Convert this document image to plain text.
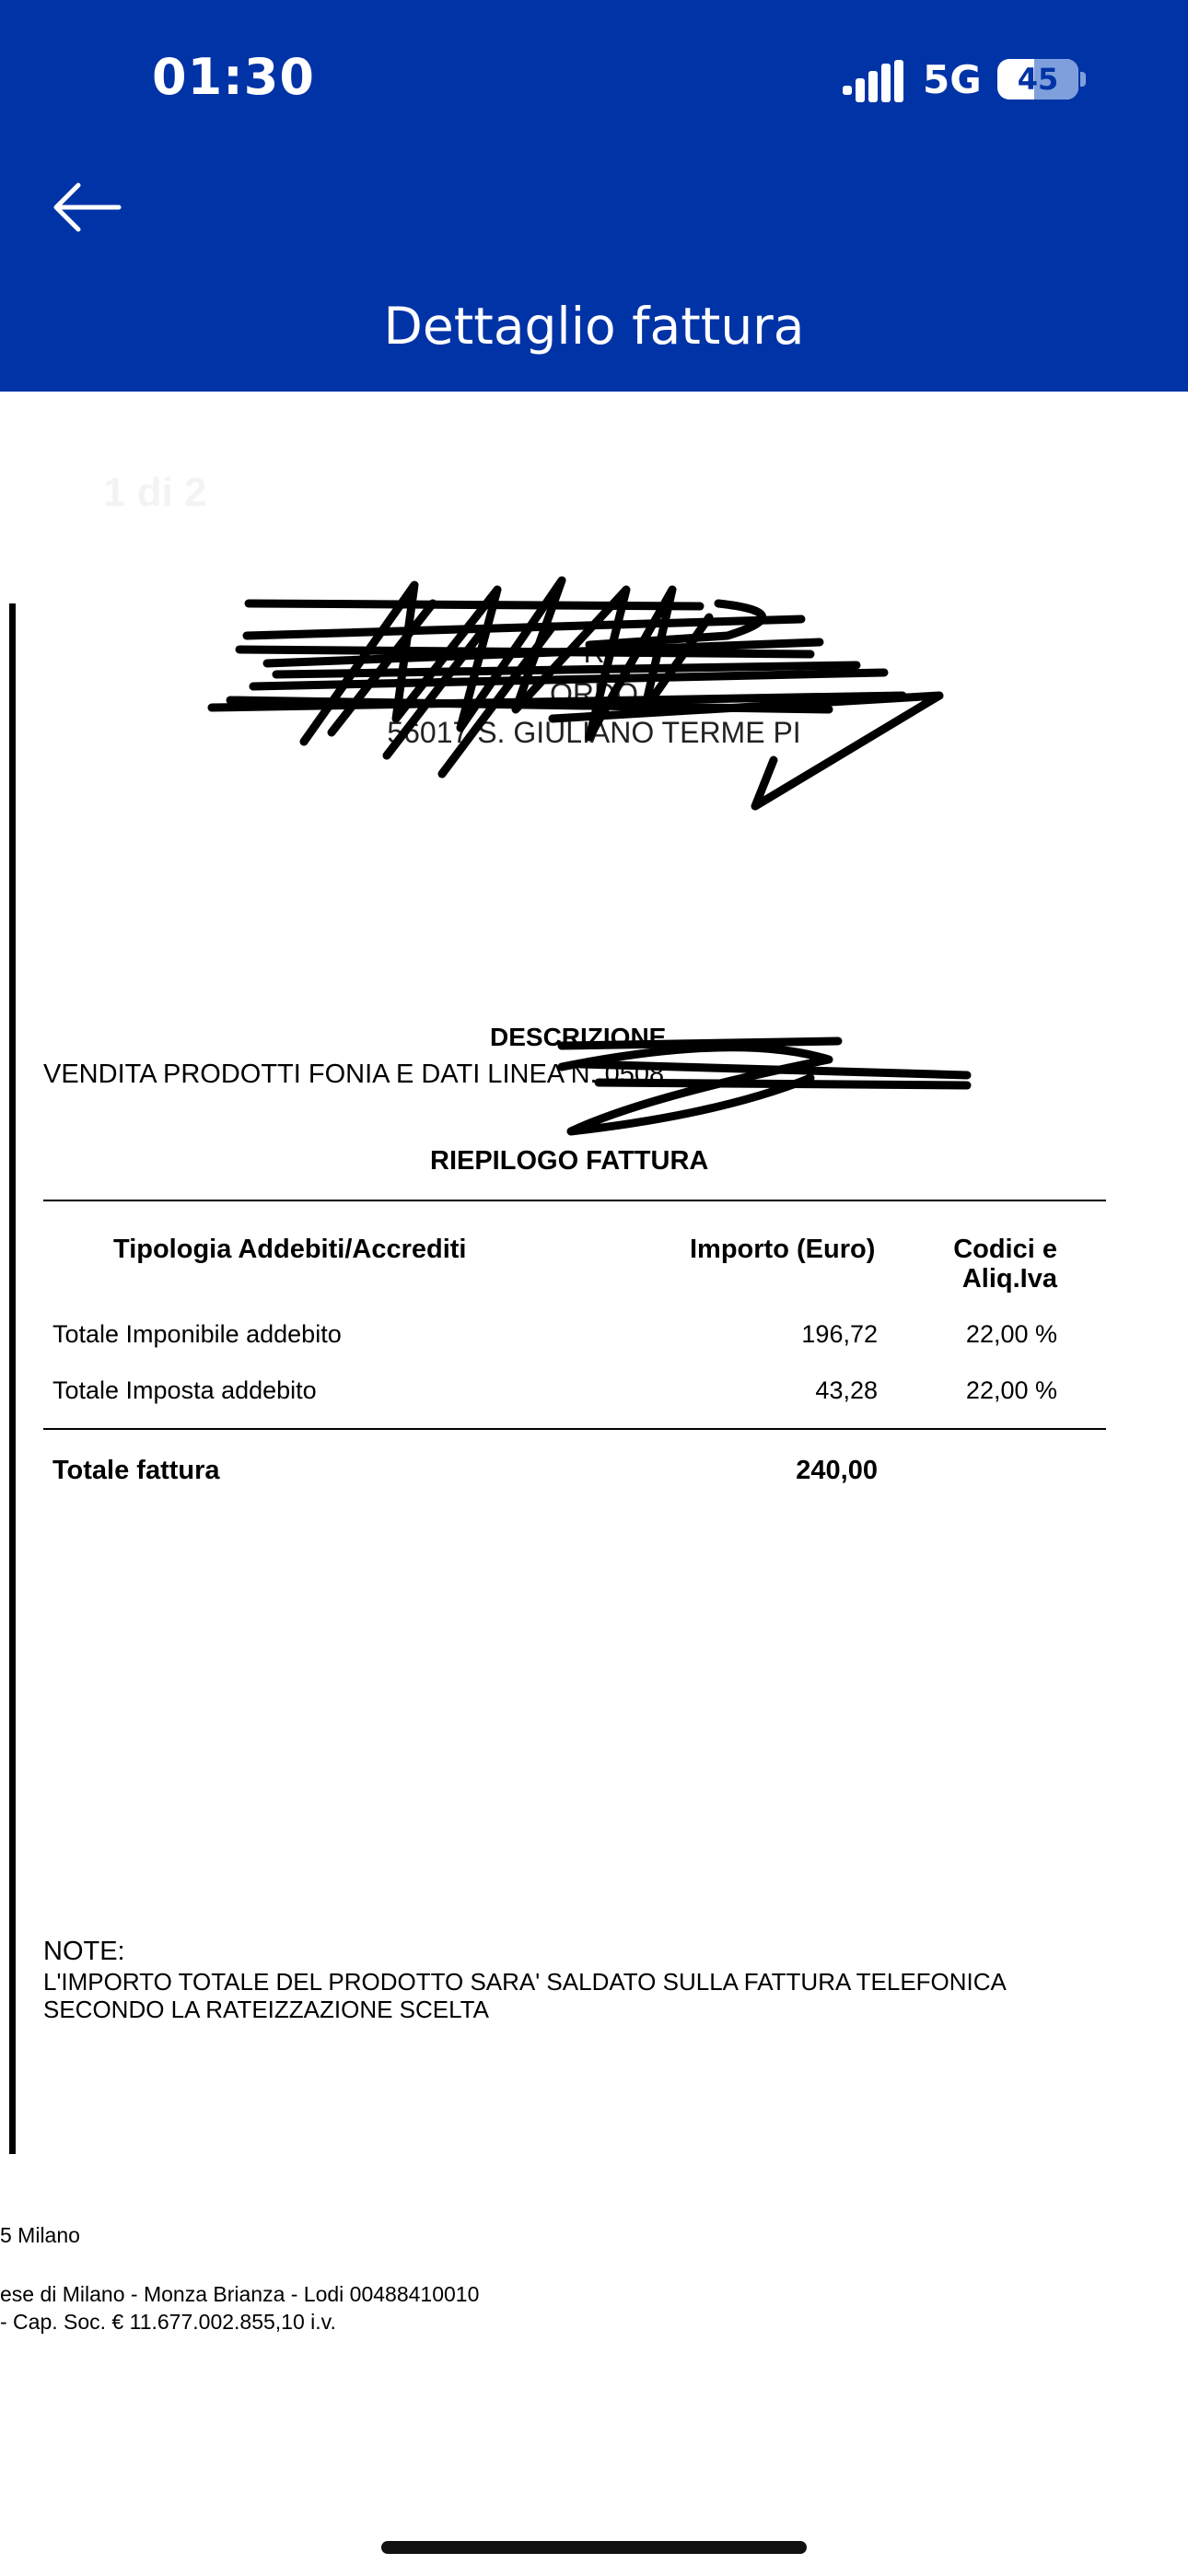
01:30	5G	45
Dettaglio fattura
1 di 2
R
ORDO
56017 S. GIULIANO TERME PI
DESCRIZIONE
VENDITA PRODOTTI FONIA E DATI LINEA N. 0508
RIEPILOGO FATTURA
Tipologia Addebiti/Accrediti	Importo (Euro)	Codici e
Aliq.Iva
Totale Imponibile addebito	196,72	22,00 %
Totale Imposta addebito	43,28	22,00 %
Totale fattura	240,00
NOTE:
L'IMPORTO TOTALE DEL PRODOTTO SARA' SALDATO SULLA FATTURA TELEFONICA
SECONDO LA RATEIZZAZIONE SCELTA
5 Milano
ese di Milano - Monza Brianza - Lodi 00488410010
- Cap. Soc. € 11.677.002.855,10 i.v.
